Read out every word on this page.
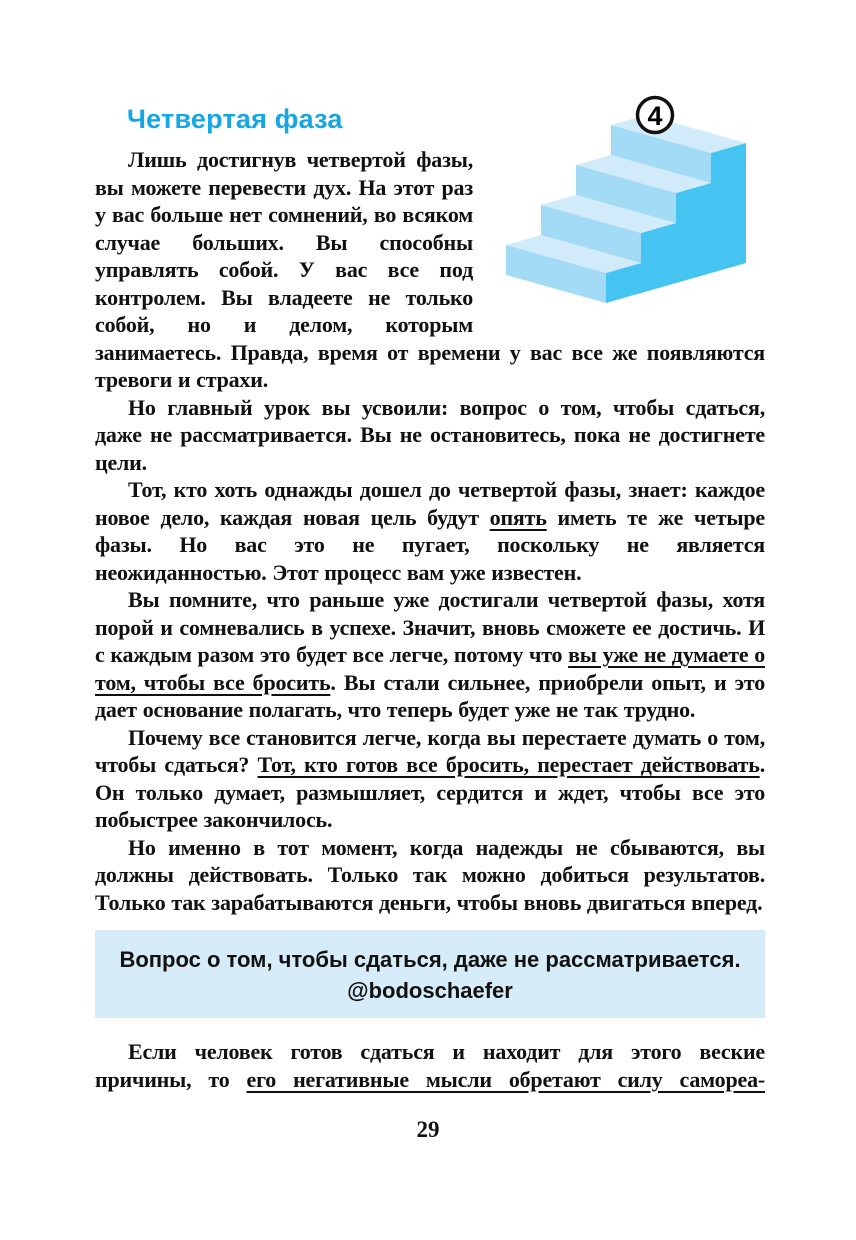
Четвертая фаза	4

Лишь достигнув четвертой фазы, вы можете перевести дух. На этот раз у вас больше нет сомнений, во всяком случае больших. Вы способны управлять собой. У вас все под контролем. Вы владеете не только собой, но и делом, которым занимаетесь. Правда, время от времени у вас все же появляются тревоги и страхи.

Но главный урок вы усвоили: вопрос о том, чтобы сдаться, даже не рассматривается. Вы не остановитесь, пока не достигнете цели.

Тот, кто хоть однажды дошел до четвертой фазы, знает: каждое новое дело, каждая новая цель будут опять иметь те же четыре фазы. Но вас это не пугает, поскольку не является неожиданностью. Этот процесс вам уже известен.

Вы помните, что раньше уже достигали четвертой фазы, хотя порой и сомневались в успехе. Значит, вновь сможете ее достичь. И с каждым разом это будет все легче, потому что вы уже не думаете о том, чтобы все бросить. Вы стали сильнее, приобрели опыт, и это дает основание полагать, что теперь будет уже не так трудно.

Почему все становится легче, когда вы перестаете думать о том, чтобы сдаться? Тот, кто готов все бросить, перестает действовать. Он только думает, размышляет, сердится и ждет, чтобы все это побыстрее закончилось.

Но именно в тот момент, когда надежды не сбываются, вы должны действовать. Только так можно добиться результатов. Только так зарабатываются деньги, чтобы вновь двигаться вперед.

Вопрос о том, чтобы сдаться, даже не рассматривается.
@bodoschaefer

Если человек готов сдаться и находит для этого веские причины, то его негативные мысли обретают силу самореа-

29
